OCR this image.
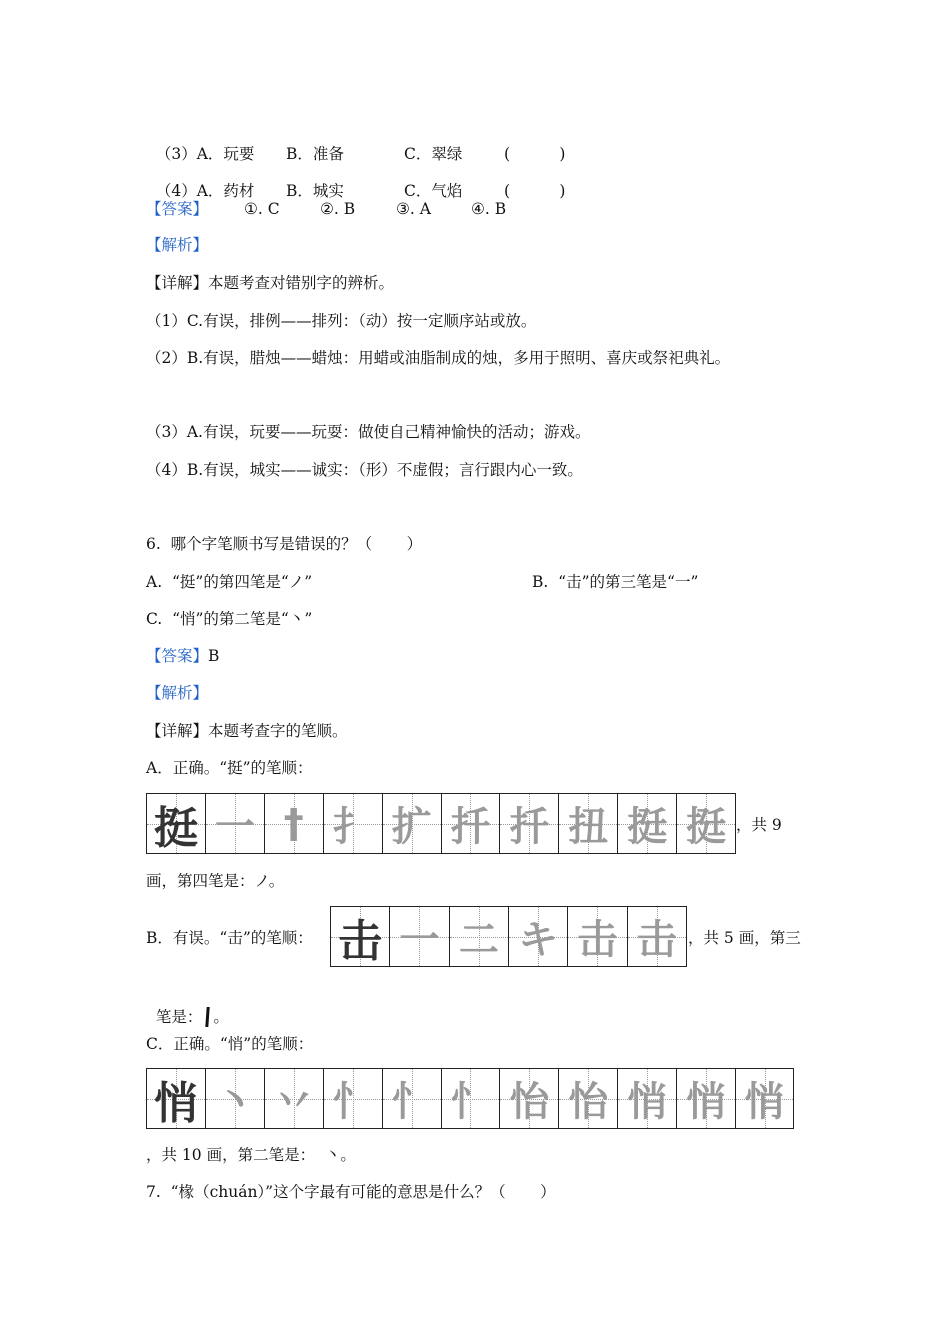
（3）A．玩要 B．准备	C．翠绿	(          )

（4）A．药材 B．城实	C．气焰	(          )

【答案】 ①. C	②. B	③. A	④. B
【解析】
【详解】本题考查对错别字的辨析。
（1）C.有误，排例——排列：（动）按一定顺序站或放。
（2）B.有误，腊烛——蜡烛：用蜡或油脂制成的烛，多用于照明、喜庆或祭祀典礼。
（3）A.有误，玩要——玩耍：做使自己精神愉快的活动；游戏。
（4）B.有误，城实——诚实：（形）不虚假；言行跟内心一致。
6.  哪个字笔顺书写是错误的？（       ）
A.  “挺”的第四笔是“ノ”	B.  “击”的第三笔是“一”
C.  “悄”的第二笔是“丶”
【答案】 B
【解析】
【详解】本题考查字的笔顺。
A．正确。“挺”的笔顺：
挺 一 † 扌 扩 扦 扦 扭 挺 挺 ，共 9
画，第四笔是：ノ。
B．有误。“击”的笔顺： 击 一 二 キ 击 击 ，共 5 画，第三

笔是： 。

C．正确。“悄”的笔顺：
悄 丶 丷 忄 忄 忄 怡 怡 悄 悄 悄
，共 10 画，第二笔是：  丶。
7.  “椽（chuán）”这个字最有可能的意思是什么？（       ）
